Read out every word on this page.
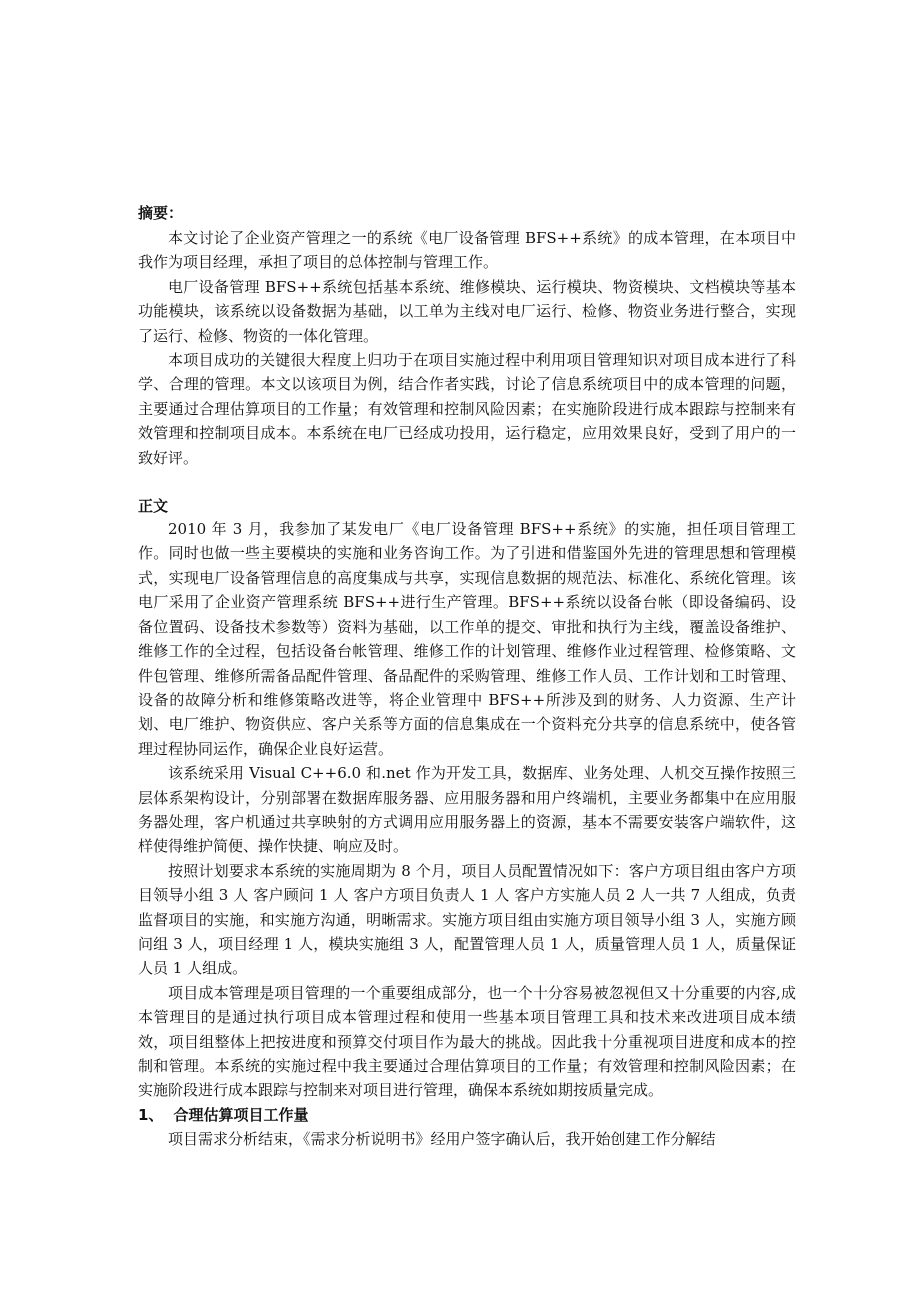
摘要：

本文讨论了企业资产管理之一的系统《电厂设备管理 BFS++系统》的成本管理，在本项目中我作为项目经理，承担了项目的总体控制与管理工作。

电厂设备管理 BFS++系统包括基本系统、维修模块、运行模块、物资模块、文档模块等基本功能模块，该系统以设备数据为基础，以工单为主线对电厂运行、检修、物资业务进行整合，实现了运行、检修、物资的一体化管理。

本项目成功的关键很大程度上归功于在项目实施过程中利用项目管理知识对项目成本进行了科学、合理的管理。本文以该项目为例，结合作者实践，讨论了信息系统项目中的成本管理的问题，主要通过合理估算项目的工作量；有效管理和控制风险因素；在实施阶段进行成本跟踪与控制来有效管理和控制项目成本。本系统在电厂已经成功投用，运行稳定，应用效果良好，受到了用户的一致好评。

正文

2010 年 3 月，我参加了某发电厂《电厂设备管理 BFS++系统》的实施，担任项目管理工作。同时也做一些主要模块的实施和业务咨询工作。为了引进和借鉴国外先进的管理思想和管理模式，实现电厂设备管理信息的高度集成与共享，实现信息数据的规范法、标准化、系统化管理。该电厂采用了企业资产管理系统 BFS++进行生产管理。BFS++系统以设备台帐（即设备编码、设备位置码、设备技术参数等）资料为基础，以工作单的提交、审批和执行为主线，覆盖设备维护、维修工作的全过程，包括设备台帐管理、维修工作的计划管理、维修作业过程管理、检修策略、文件包管理、维修所需备品配件管理、备品配件的采购管理、维修工作人员、工作计划和工时管理、设备的故障分析和维修策略改进等，将企业管理中 BFS++所涉及到的财务、人力资源、生产计划、电厂维护、物资供应、客户关系等方面的信息集成在一个资料充分共享的信息系统中，使各管理过程协同运作，确保企业良好运营。

该系统采用 Visual C++6.0 和.net 作为开发工具，数据库、业务处理、人机交互操作按照三层体系架构设计，分别部署在数据库服务器、应用服务器和用户终端机，主要业务都集中在应用服务器处理，客户机通过共享映射的方式调用应用服务器上的资源，基本不需要安装客户端软件，这样使得维护简便、操作快捷、响应及时。

按照计划要求本系统的实施周期为 8 个月，项目人员配置情况如下：客户方项目组由客户方项目领导小组 3 人 客户顾问 1 人 客户方项目负责人 1 人 客户方实施人员 2 人一共 7 人组成，负责监督项目的实施，和实施方沟通，明晰需求。实施方项目组由实施方项目领导小组 3 人，实施方顾问组 3 人，项目经理 1 人，模块实施组 3 人，配置管理人员 1 人，质量管理人员 1 人，质量保证人员 1 人组成。

项目成本管理是项目管理的一个重要组成部分，也一个十分容易被忽视但又十分重要的内容,成本管理目的是通过执行项目成本管理过程和使用一些基本项目管理工具和技术来改进项目成本绩效，项目组整体上把按进度和预算交付项目作为最大的挑战。因此我十分重视项目进度和成本的控制和管理。本系统的实施过程中我主要通过合理估算项目的工作量；有效管理和控制风险因素；在实施阶段进行成本跟踪与控制来对项目进行管理，确保本系统如期按质量完成。

1、 合理估算项目工作量

项目需求分析结束，《需求分析说明书》经用户签字确认后，我开始创建工作分解结
